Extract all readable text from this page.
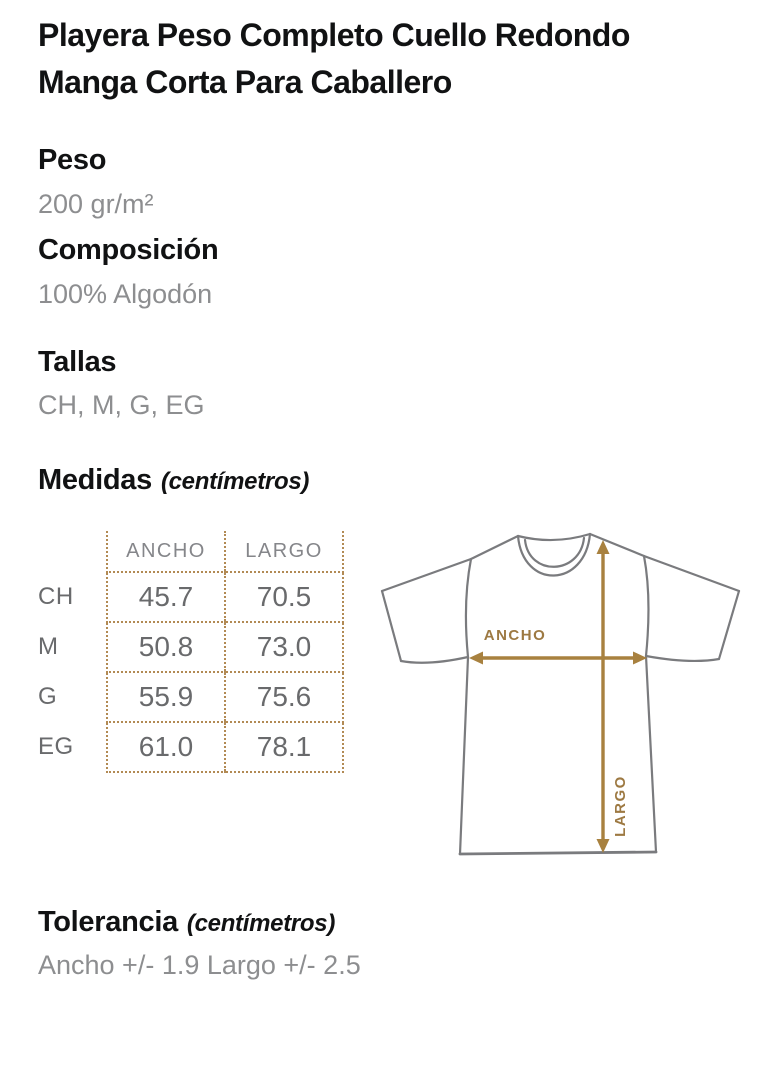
Playera Peso Completo Cuello Redondo
Manga Corta Para Caballero
Peso
200 gr/m²
Composición
100% Algodón
Tallas
CH, M, G, EG
Medidas (centímetros)
	ANCHO	LARGO
CH	45.7	70.5
M	50.8	73.0
G	55.9	75.6
EG	61.0	78.1
ANCHO
LARGO
Tolerancia (centímetros)
Ancho +/- 1.9 Largo +/- 2.5
